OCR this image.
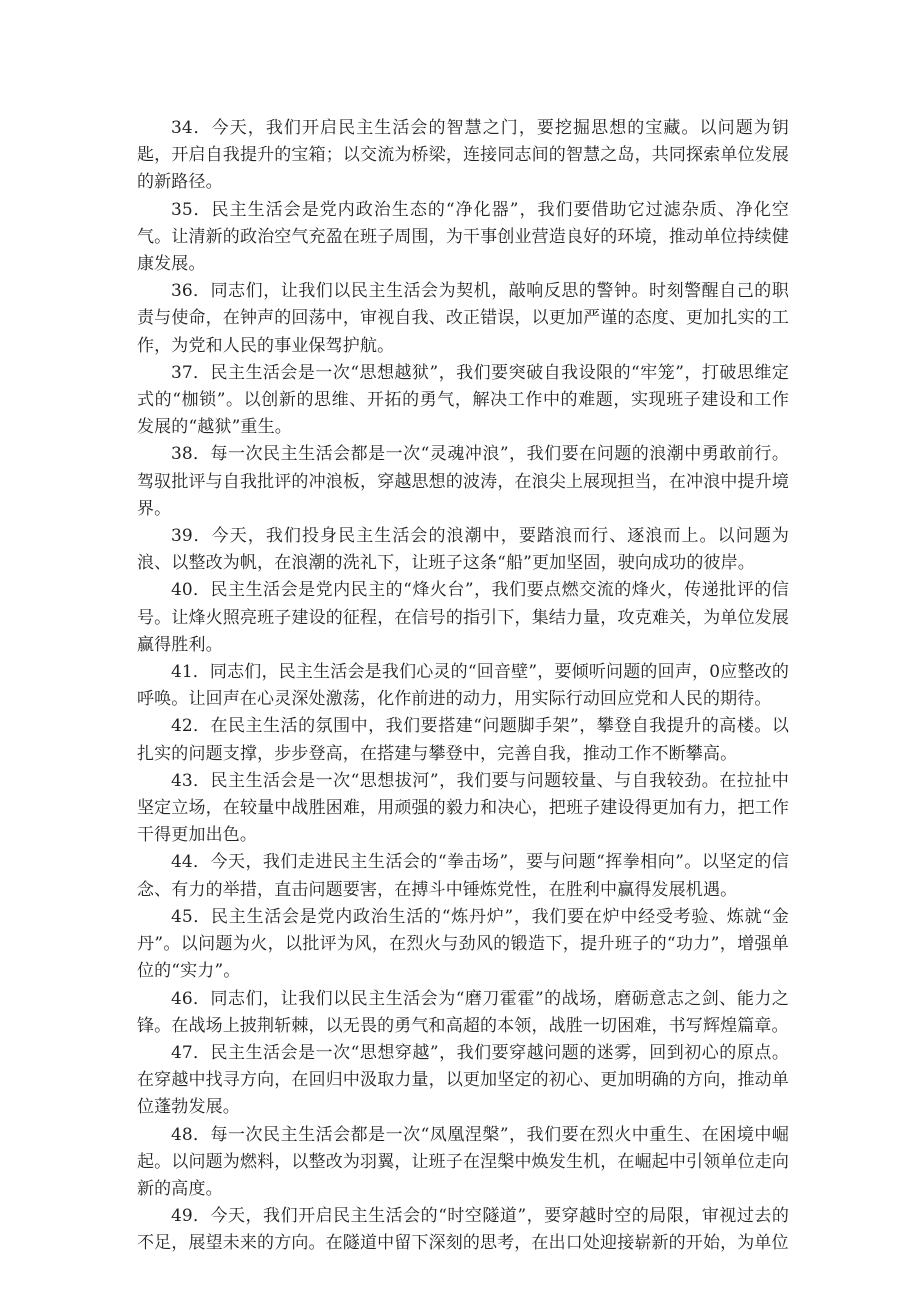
34．今天，我们开启民主生活会的智慧之门，要挖掘思想的宝藏。以问题为钥匙，开启自我提升的宝箱；以交流为桥梁，连接同志间的智慧之岛，共同探索单位发展的新路径。

35．民主生活会是党内政治生态的“净化器”，我们要借助它过滤杂质、净化空气。让清新的政治空气充盈在班子周围，为干事创业营造良好的环境，推动单位持续健康发展。

36．同志们，让我们以民主生活会为契机，敲响反思的警钟。时刻警醒自己的职责与使命，在钟声的回荡中，审视自我、改正错误，以更加严谨的态度、更加扎实的工作，为党和人民的事业保驾护航。

37．民主生活会是一次“思想越狱”，我们要突破自我设限的“牢笼”，打破思维定式的“枷锁”。以创新的思维、开拓的勇气，解决工作中的难题，实现班子建设和工作发展的“越狱”重生。

38．每一次民主生活会都是一次“灵魂冲浪”，我们要在问题的浪潮中勇敢前行。驾驭批评与自我批评的冲浪板，穿越思想的波涛，在浪尖上展现担当，在冲浪中提升境界。

39．今天，我们投身民主生活会的浪潮中，要踏浪而行、逐浪而上。以问题为浪、以整改为帆，在浪潮的洗礼下，让班子这条“船”更加坚固，驶向成功的彼岸。

40．民主生活会是党内民主的“烽火台”，我们要点燃交流的烽火，传递批评的信号。让烽火照亮班子建设的征程，在信号的指引下，集结力量，攻克难关，为单位发展赢得胜利。

41．同志们，民主生活会是我们心灵的“回音壁”，要倾听问题的回声，0应整改的呼唤。让回声在心灵深处激荡，化作前进的动力，用实际行动回应党和人民的期待。

42．在民主生活的氛围中，我们要搭建“问题脚手架”，攀登自我提升的高楼。以扎实的问题支撑，步步登高，在搭建与攀登中，完善自我，推动工作不断攀高。

43．民主生活会是一次“思想拔河”，我们要与问题较量、与自我较劲。在拉扯中坚定立场，在较量中战胜困难，用顽强的毅力和决心，把班子建设得更加有力，把工作干得更加出色。

44．今天，我们走进民主生活会的“拳击场”，要与问题“挥拳相向”。以坚定的信念、有力的举措，直击问题要害，在搏斗中锤炼党性，在胜利中赢得发展机遇。

45．民主生活会是党内政治生活的“炼丹炉”，我们要在炉中经受考验、炼就“金丹”。以问题为火，以批评为风，在烈火与劲风的锻造下，提升班子的“功力”，增强单位的“实力”。

46．同志们，让我们以民主生活会为“磨刀霍霍”的战场，磨砺意志之剑、能力之锋。在战场上披荆斩棘，以无畏的勇气和高超的本领，战胜一切困难，书写辉煌篇章。

47．民主生活会是一次“思想穿越”，我们要穿越问题的迷雾，回到初心的原点。在穿越中找寻方向，在回归中汲取力量，以更加坚定的初心、更加明确的方向，推动单位蓬勃发展。

48．每一次民主生活会都是一次“凤凰涅槃”，我们要在烈火中重生、在困境中崛起。以问题为燃料，以整改为羽翼，让班子在涅槃中焕发生机，在崛起中引领单位走向新的高度。

49．今天，我们开启民主生活会的“时空隧道”，要穿越时空的局限，审视过去的不足，展望未来的方向。在隧道中留下深刻的思考，在出口处迎接崭新的开始，为单位
